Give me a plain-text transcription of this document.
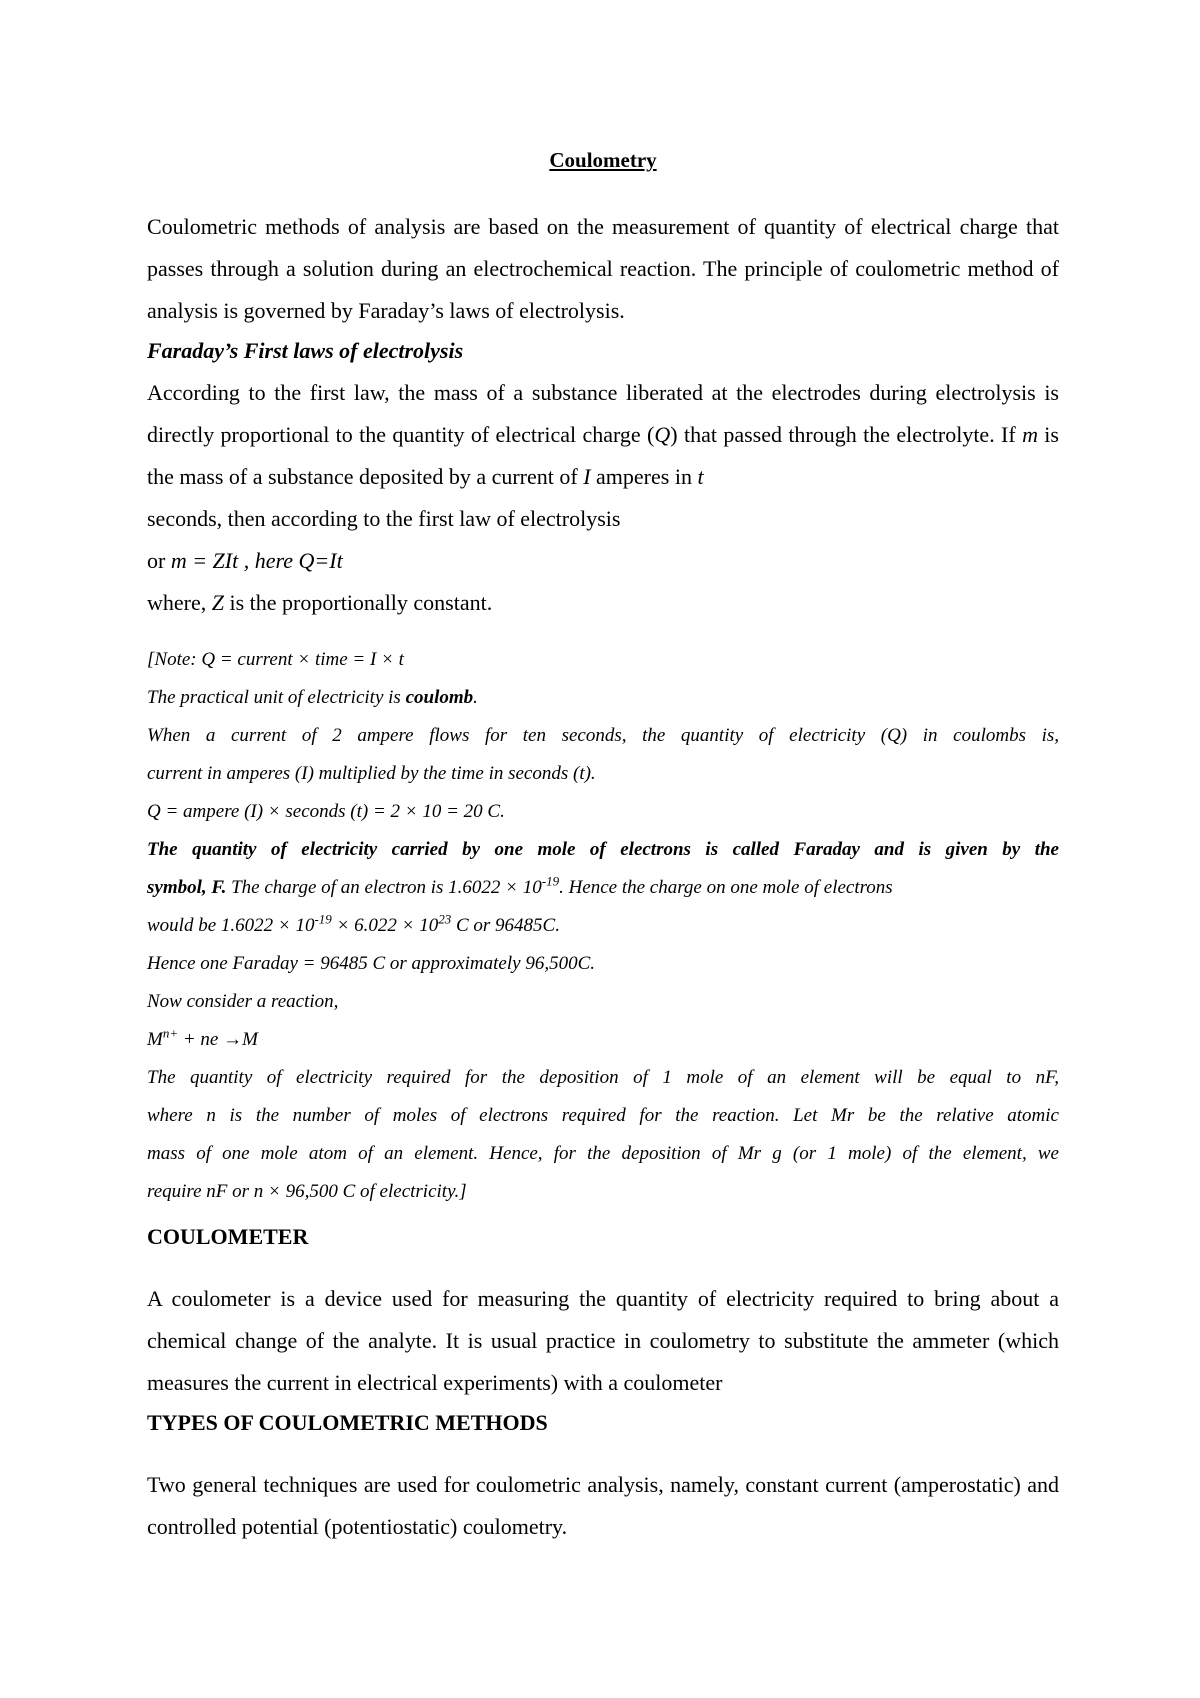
Coulometry

Coulometric methods of analysis are based on the measurement of quantity of electrical charge that passes through a solution during an electrochemical reaction. The principle of coulometric method of analysis is governed by Faraday’s laws of electrolysis.

Faraday’s First laws of electrolysis

According to the first law, the mass of a substance liberated at the electrodes during electrolysis is directly proportional to the quantity of electrical charge (Q) that passed through the electrolyte. If m is the mass of a substance deposited by a current of I amperes in t
seconds, then according to the first law of electrolysis

or m = ZIt , here Q=It

where, Z is the proportionally constant.

[Note: Q = current × time = I × t
The practical unit of electricity is coulomb.
When a current of 2 ampere flows for ten seconds, the quantity of electricity (Q) in coulombs is,
current in amperes (I) multiplied by the time in seconds (t).
Q = ampere (I) × seconds (t) = 2 × 10 = 20 C.
The quantity of electricity carried by one mole of electrons is called Faraday and is given by the
symbol, F. The charge of an electron is $1.6022 \times 10^{-19}$. Hence the charge on one mole of electrons
would be $1.6022 \times 10^{-19} \times 6.022 \times 10^{23}$ C or 96485C.
Hence one Faraday = 96485 C or approximately 96,500C.
Now consider a reaction,
$M^{n+}$ + ne →M
The quantity of electricity required for the deposition of 1 mole of an element will be equal to nF,
where n is the number of moles of electrons required for the reaction. Let Mr be the relative atomic
mass of one mole atom of an element. Hence, for the deposition of Mr g (or 1 mole) of the element, we
require nF or n × 96,500 C of electricity.]

COULOMETER

A coulometer is a device used for measuring the quantity of electricity required to bring about a chemical change of the analyte. It is usual practice in coulometry to substitute the ammeter (which measures the current in electrical experiments) with a coulometer

TYPES OF COULOMETRIC METHODS

Two general techniques are used for coulometric analysis, namely, constant current (amperostatic) and controlled potential (potentiostatic) coulometry.
